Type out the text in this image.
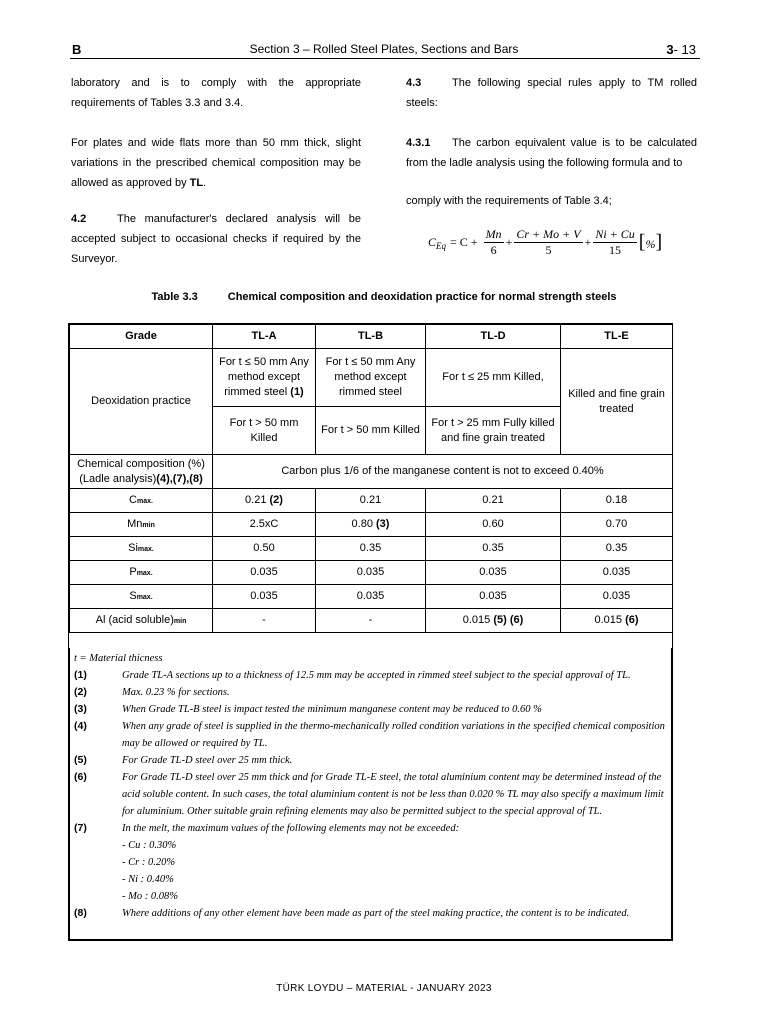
B	Section 3 – Rolled Steel Plates, Sections and Bars	3- 13
laboratory and is to comply with the appropriate requirements of Tables 3.3 and 3.4.
For plates and wide flats more than 50 mm thick, slight variations in the prescribed chemical composition may be allowed as approved by TL.
4.2	The manufacturer's declared analysis will be accepted subject to occasional checks if required by the Surveyor.
4.3	The following special rules apply to TM rolled steels:
4.3.1 The carbon equivalent value is to be calculated from the ladle analysis using the following formula and to
comply with the requirements of Table 3.4;
$C_{Eq} = C + \frac{Mn}{6} + \frac{Cr + Mo + V}{5} + \frac{Ni + Cu}{15}$ [%]
Table 3.3	Chemical composition and deoxidation practice for normal strength steels
Grade	TL-A	TL-B	TL-D	TL-E
Deoxidation practice	For t ≤ 50 mm Any method except rimmed steel (1)	For t ≤ 50 mm Any method except rimmed steel	For t ≤ 25 mm Killed,	Killed and fine grain treated
	For t > 50 mm Killed	For t > 50 mm Killed	For t > 25 mm Fully killed and fine grain treated	
Chemical composition (%) (Ladle analysis)(4),(7),(8)	Carbon plus 1/6 of the manganese content is not to exceed 0.40%			
Cmax.	0.21 (2)	0.21	0.21	0.18
Mnmin	2.5xC	0.80 (3)	0.60	0.70
Simax.	0.50	0.35	0.35	0.35
Pmax.	0.035	0.035	0.035	0.035
Smax.	0.035	0.035	0.035	0.035
Al (acid soluble)min	-	-	0.015 (5) (6)	0.015 (6)
t = Material thicness
(1)	Grade TL-A sections up to a thickness of 12.5 mm may be accepted in rimmed steel subject to the special approval of TL.
(2)	Max. 0.23 % for sections.
(3)	When Grade TL-B steel is impact tested the minimum manganese content may be reduced to 0.60 %
(4)	When any grade of steel is supplied in the thermo-mechanically rolled condition variations in the specified chemical composition may be allowed or required by TL.
(5)	For Grade TL-D steel over 25 mm thick.
(6)	For Grade TL-D steel over 25 mm thick and for Grade TL-E steel, the total aluminium content may be determined instead of the acid soluble content. In such cases, the total aluminium content is not be less than 0.020 % TL may also specify a maximum limit for aluminium. Other suitable grain refining elements may also be permitted subject to the special approval of TL.
(7)	In the melt, the maximum values of the following elements may not be exceeded:
- Cu : 0.30%
- Cr : 0.20%
- Ni : 0.40%
- Mo : 0.08%
(8)	Where additions of any other element have been made as part of the steel making practice, the content is to be indicated.
TÜRK LOYDU – MATERIAL - JANUARY 2023
